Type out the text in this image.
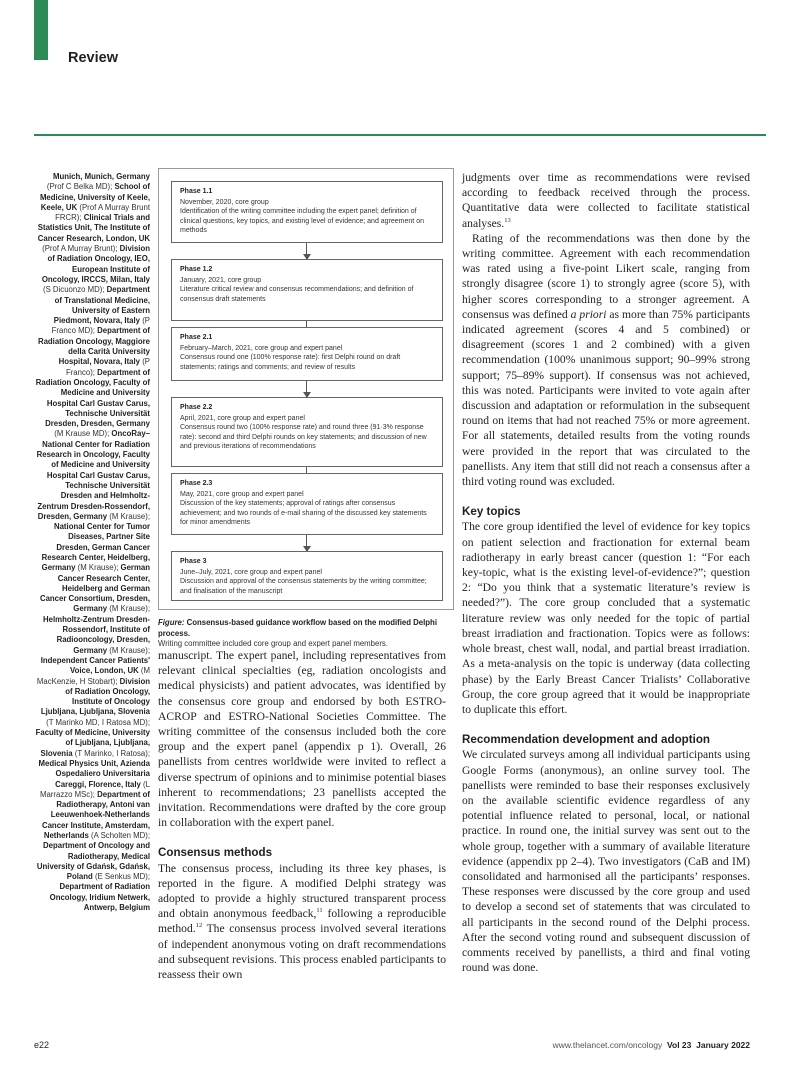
Review
Munich, Munich, Germany (Prof C Belka MD); School of Medicine, University of Keele, Keele, UK (Prof A Murray Brunt FRCR); Clinical Trials and Statistics Unit, The Institute of Cancer Research, London, UK (Prof A Murray Brunt); Division of Radiation Oncology, IEO, European Institute of Oncology, IRCCS, Milan, Italy (S Dicuonzo MD); Department of Translational Medicine, University of Eastern Piedmont, Novara, Italy (P Franco MD); Department of Radiation Oncology, Maggiore della Carità University Hospital, Novara, Italy (P Franco); Department of Radiation Oncology, Faculty of Medicine and University Hospital Carl Gustav Carus, Technische Universität Dresden, Dresden, Germany (M Krause MD); OncoRay–National Center for Radiation Research in Oncology, Faculty of Medicine and University Hospital Carl Gustav Carus, Technische Universität Dresden and Helmholtz-Zentrum Dresden-Rossendorf, Dresden, Germany (M Krause); National Center for Tumor Diseases, Partner Site Dresden, German Cancer Research Center, Heidelberg, Germany (M Krause); German Cancer Research Center, Heidelberg and German Cancer Consortium, Dresden, Germany (M Krause); Helmholtz-Zentrum Dresden-Rossendorf, Institute of Radiooncology, Dresden, Germany (M Krause); Independent Cancer Patients' Voice, London, UK (M MacKenzie, H Stobart); Division of Radiation Oncology, Institute of Oncology Ljubljana, Ljubljana, Slovenia (T Marinko MD, I Ratosa MD); Faculty of Medicine, University of Ljubljana, Ljubljana, Slovenia (T Marinko, I Ratosa); Medical Physics Unit, Azienda Ospedaliero Universitaria Careggi, Florence, Italy (L Marrazzo MSc); Department of Radiotherapy, Antoni van Leeuwenhoek-Netherlands Cancer Institute, Amsterdam, Netherlands (A Scholten MD); Department of Oncology and Radiotherapy, Medical University of Gdańsk, Gdańsk, Poland (E Senkus MD); Department of Radiation Oncology, Iridium Netwerk, Antwerp, Belgium
Phase 1.1
November, 2020, core group
Identification of the writing committee including the expert panel; definition of clinical questions, key topics, and existing level of evidence; and agreement on methods
Phase 1.2
January, 2021, core group
Literature critical review and consensus recommendations; and definition of consensus draft statements
Phase 2.1
February–March, 2021, core group and expert panel
Consensus round one (100% response rate): first Delphi round on draft statements; ratings and comments; and review of results
Phase 2.2
April, 2021, core group and expert panel
Consensus round two (100% response rate) and round three (91·3% response rate): second and third Delphi rounds on key statements; and discussion of new and previous iterations of recommendations
Phase 2.3
May, 2021, core group and expert panel
Discussion of the key statements; approval of ratings after consensus achievement; and two rounds of e-mail sharing of the discussed key statements for minor amendments
Phase 3
June–July, 2021, core group and expert panel
Discussion and approval of the consensus statements by the writing committee; and finalisation of the manuscript
Figure: Consensus-based guidance workflow based on the modified Delphi process.
Writing committee included core group and expert panel members.

manuscript. The expert panel, including representatives from relevant clinical specialties (eg, radiation oncologists and medical physicists) and patient advocates, was identified by the consensus core group and endorsed by both ESTRO-ACROP and ESTRO-National Societies Committee. The writing committee of the consensus included both the core group and the expert panel (appendix p 1). Overall, 26 panellists from centres worldwide were invited to reflect a diverse spectrum of opinions and to minimise potential biases inherent to recommendations; 23 panellists accepted the invitation. Recommendations were drafted by the core group in collaboration with the expert panel.

Consensus methods

The consensus process, including its three key phases, is reported in the figure. A modified Delphi strategy was adopted to provide a highly structured transparent process and obtain anonymous feedback,$^{11}$ following a reproducible method.$^{12}$ The consensus process involved several iterations of independent anonymous voting on draft recommendations and subsequent revisions. This process enabled participants to reassess their own

judgments over time as recommendations were revised according to feedback received through the process. Quantitative data were collected to facilitate statistical analyses.$^{13}$

Rating of the recommendations was then done by the writing committee. Agreement with each recommendation was rated using a five-point Likert scale, ranging from strongly disagree (score 1) to strongly agree (score 5), with higher scores corresponding to a stronger agreement. A consensus was defined a priori as more than 75% participants indicated agreement (scores 4 and 5 combined) or disagreement (scores 1 and 2 combined) with a given recommendation (100% unanimous support; 90–99% strong support; 75–89% support). If consensus was not achieved, this was noted. Participants were invited to vote again after discussion and adaptation or reformulation in the subsequent round on items that had not reached 75% or more agreement. For all statements, detailed results from the voting rounds were provided in the report that was circulated to the panellists. Any item that still did not reach a consensus after a third voting round was excluded.

Key topics

The core group identified the level of evidence for key topics on patient selection and fractionation for external beam radiotherapy in early breast cancer (question 1: “For each key-topic, what is the existing level-of-evidence?”; question 2: “Do you think that a systematic literature’s review is needed?”). The core group concluded that a systematic literature review was only needed for the topic of partial breast irradiation and fractionation. Topics were as follows: whole breast, chest wall, nodal, and partial breast irradiation. As a meta-analysis on the topic is underway (data collecting phase) by the Early Breast Cancer Trialists’ Collaborative Group, the core group agreed that it would be inappropriate to duplicate this effort.

Recommendation development and adoption

We circulated surveys among all individual participants using Google Forms (anonymous), an online survey tool. The panellists were reminded to base their responses exclusively on the available scientific evidence regardless of any potential influence related to personal, local, or national practice. In round one, the initial survey was sent out to the whole group, together with a summary of available literature evidence (appendix pp 2–4). Two investigators (CaB and IM) consolidated and harmonised all the participants’ responses. These responses were discussed by the core group and used to develop a second set of statements that was circulated to all participants in the second round of the Delphi process. After the second voting round and subsequent discussion of comments received by panellists, a third and final voting round was done.

e22	www.thelancet.com/oncology Vol 23 January 2022
